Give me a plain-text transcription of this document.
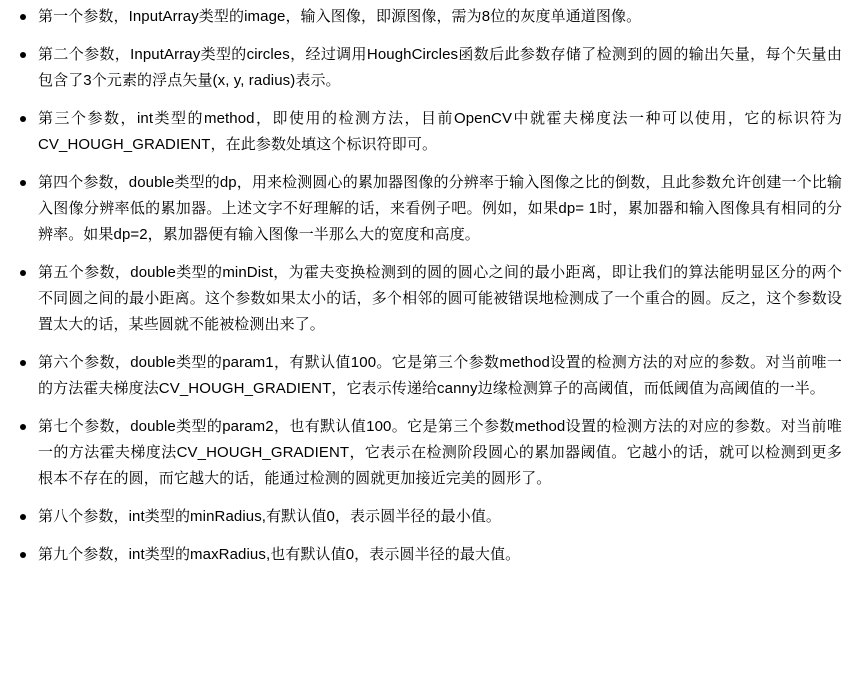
第一个参数，InputArray类型的image，输入图像，即源图像，需为8位的灰度单通道图像。
第二个参数，InputArray类型的circles，经过调用HoughCircles函数后此参数存储了检测到的圆的输出矢量，每个矢量由包含了3个元素的浮点矢量(x, y, radius)表示。
第三个参数，int类型的method，即使用的检测方法，目前OpenCV中就霍夫梯度法一种可以使用，它的标识符为CV_HOUGH_GRADIENT，在此参数处填这个标识符即可。
第四个参数，double类型的dp，用来检测圆心的累加器图像的分辨率于输入图像之比的倒数，且此参数允许创建一个比输入图像分辨率低的累加器。上述文字不好理解的话，来看例子吧。例如，如果dp= 1时，累加器和输入图像具有相同的分辨率。如果dp=2，累加器便有输入图像一半那么大的宽度和高度。
第五个参数，double类型的minDist，为霍夫变换检测到的圆的圆心之间的最小距离，即让我们的算法能明显区分的两个不同圆之间的最小距离。这个参数如果太小的话，多个相邻的圆可能被错误地检测成了一个重合的圆。反之，这个参数设置太大的话，某些圆就不能被检测出来了。
第六个参数，double类型的param1，有默认值100。它是第三个参数method设置的检测方法的对应的参数。对当前唯一的方法霍夫梯度法CV_HOUGH_GRADIENT，它表示传递给canny边缘检测算子的高阈值，而低阈值为高阈值的一半。
第七个参数，double类型的param2，也有默认值100。它是第三个参数method设置的检测方法的对应的参数。对当前唯一的方法霍夫梯度法CV_HOUGH_GRADIENT，它表示在检测阶段圆心的累加器阈值。它越小的话，就可以检测到更多根本不存在的圆，而它越大的话，能通过检测的圆就更加接近完美的圆形了。
第八个参数，int类型的minRadius,有默认值0，表示圆半径的最小值。
第九个参数，int类型的maxRadius,也有默认值0，表示圆半径的最大值。
